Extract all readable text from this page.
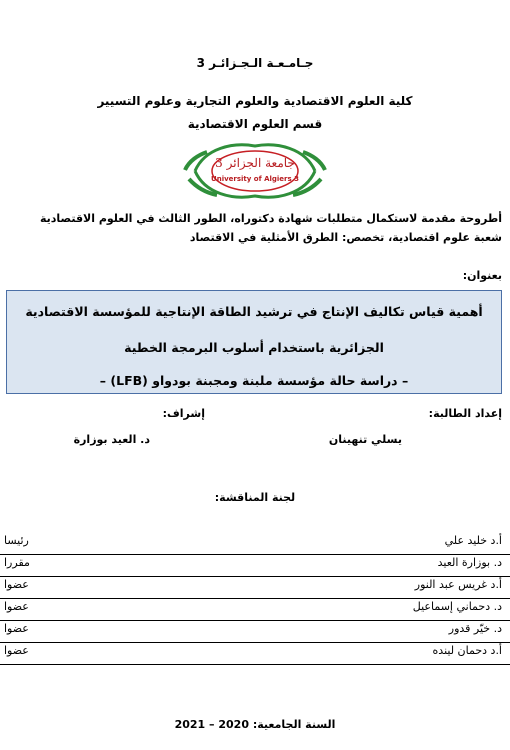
جـامـعـة الـجـزائـر 3
كلية العلوم الاقتصادية والعلوم التجارية وعلوم التسيير
قسم العلوم الاقتصادية
جامعة الجزائر 3
University of Algiers 3
أطروحة مقدمة لاستكمال متطلبات شهادة دكتوراه، الطور الثالث في العلوم الاقتصادية
شعبة علوم اقتصادية، تخصص: الطرق الأمثلية في الاقتصاد
بعنوان:
أهمية قياس تكاليف الإنتاج في ترشيد الطاقة الإنتاجية للمؤسسة الاقتصادية
الجزائرية باستخدام أسلوب البرمجة الخطية
– دراسة حالة مؤسسة ملبنة ومجبنة بودواو (LFB) –
إعداد الطالبة:
إشراف:
يسلي تنهينان
د. العيد بوزارة
لجنة المناقشة:
أ.د خليد علي
رئيسا
د. بوزارة العيد
مقررا
أ.د غريس عبد النور
عضوا
د. دحماني إسماعيل
عضوا
د. خيّر قدور
عضوا
أ.د دحمان لينده
عضوا
السنة الجامعية: 2020 – 2021
